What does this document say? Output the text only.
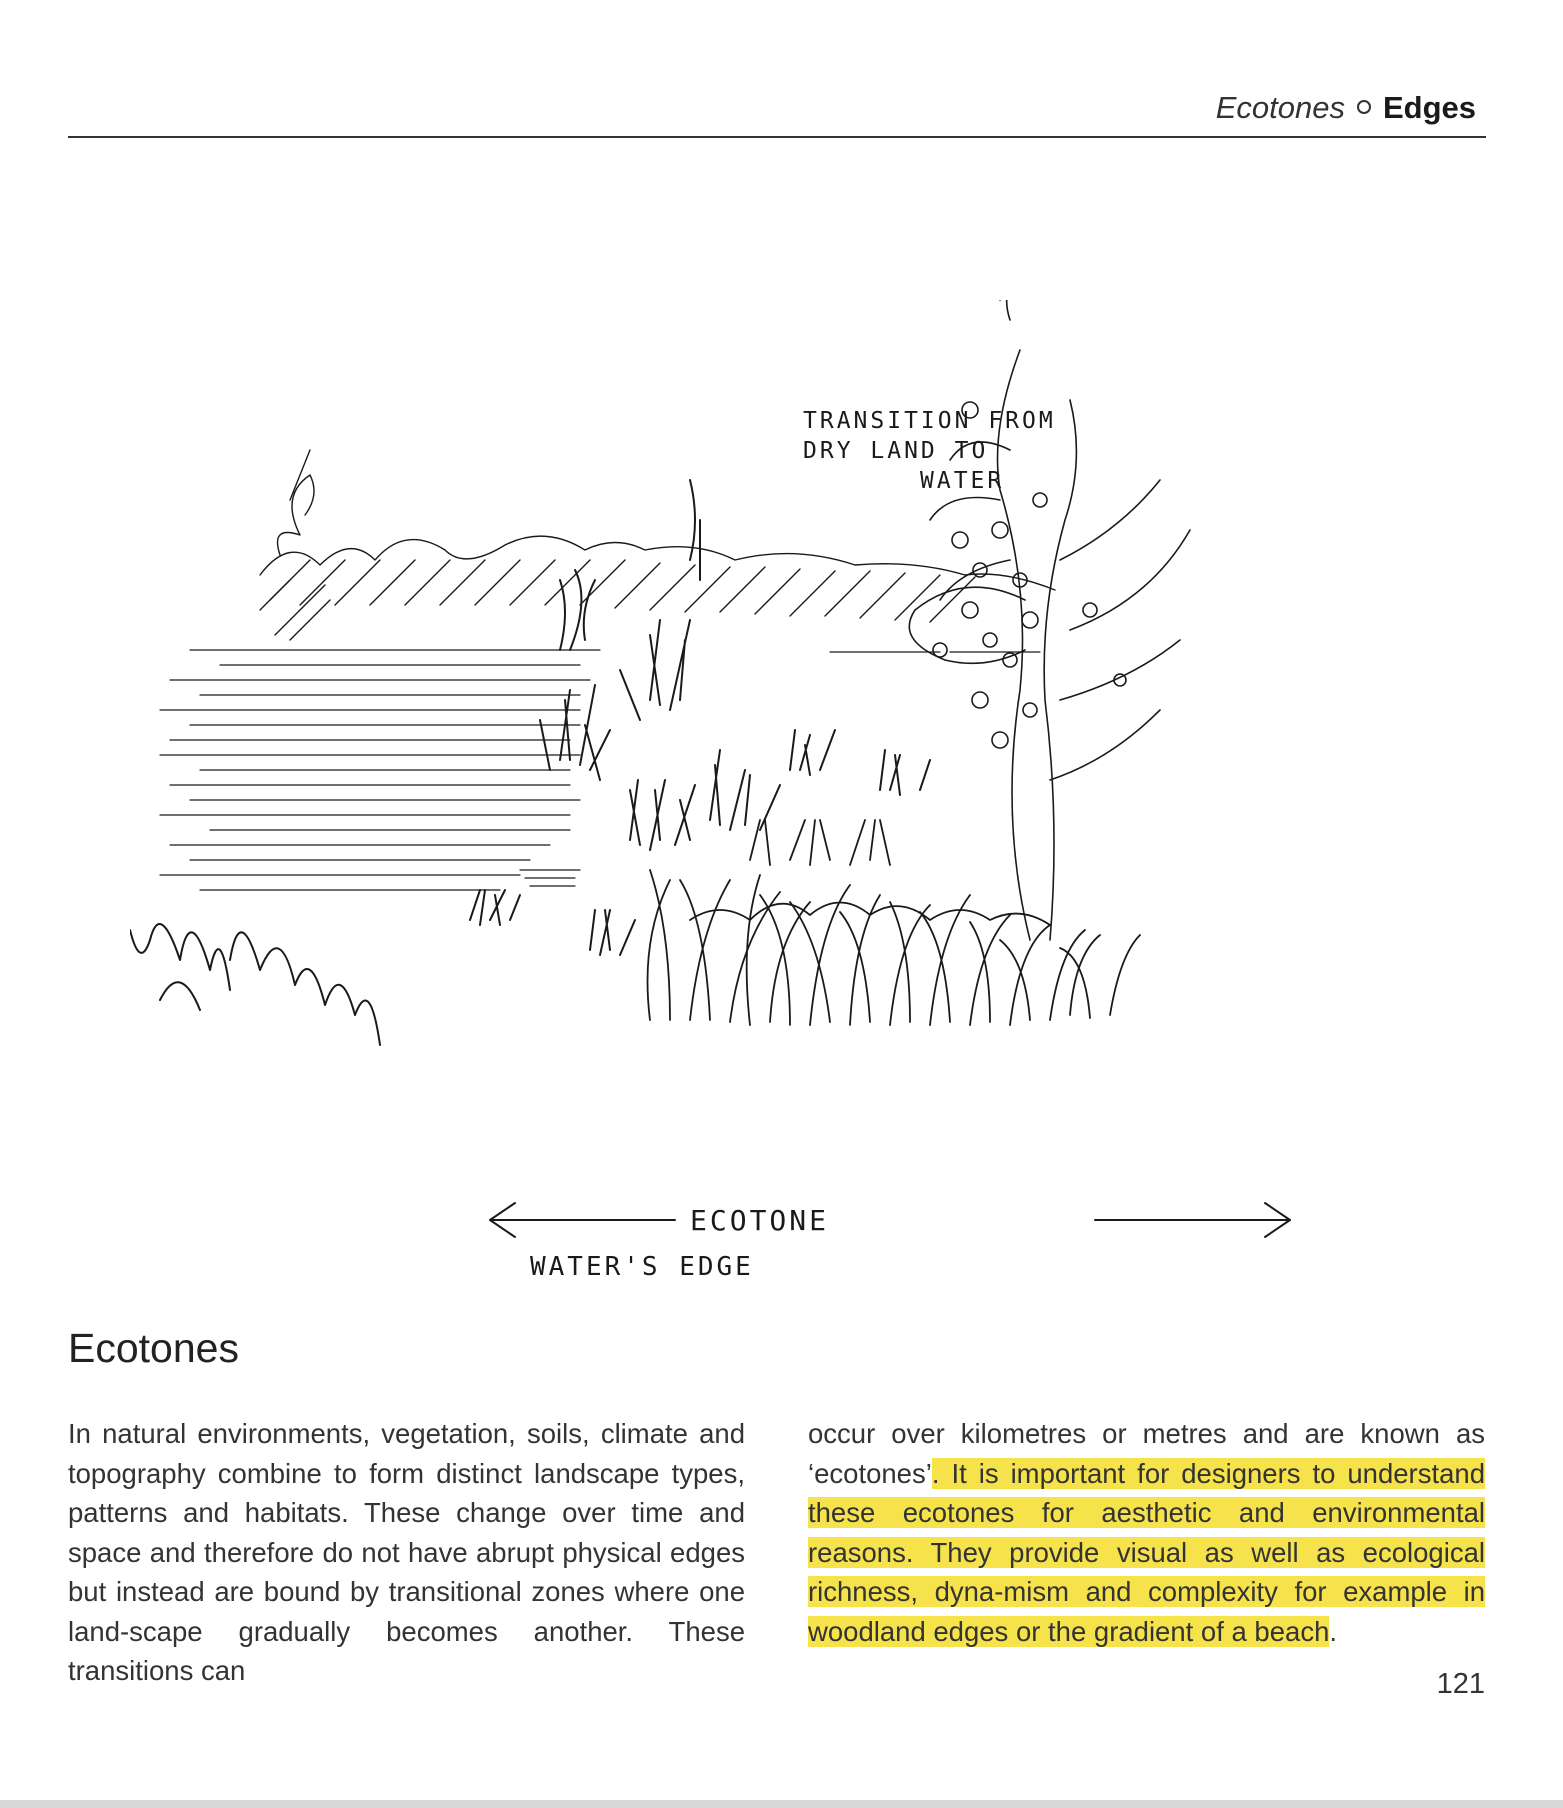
Ecotones Edges
TRANSITION FROM
DRY LAND TO
WATER
ECOTONE
WATER'S EDGE
Ecotones

In natural environments, vegetation, soils, climate and topography combine to form distinct landscape types, patterns and habitats. These change over time and space and therefore do not have abrupt physical edges but instead are bound by transitional zones where one land-scape gradually becomes another. These transitions can

occur over kilometres or metres and are known as ‘ecotones’. It is important for designers to understand these ecotones for aesthetic and environmental reasons. They provide visual as well as ecological richness, dyna-mism and complexity for example in woodland edges or the gradient of a beach.

121
